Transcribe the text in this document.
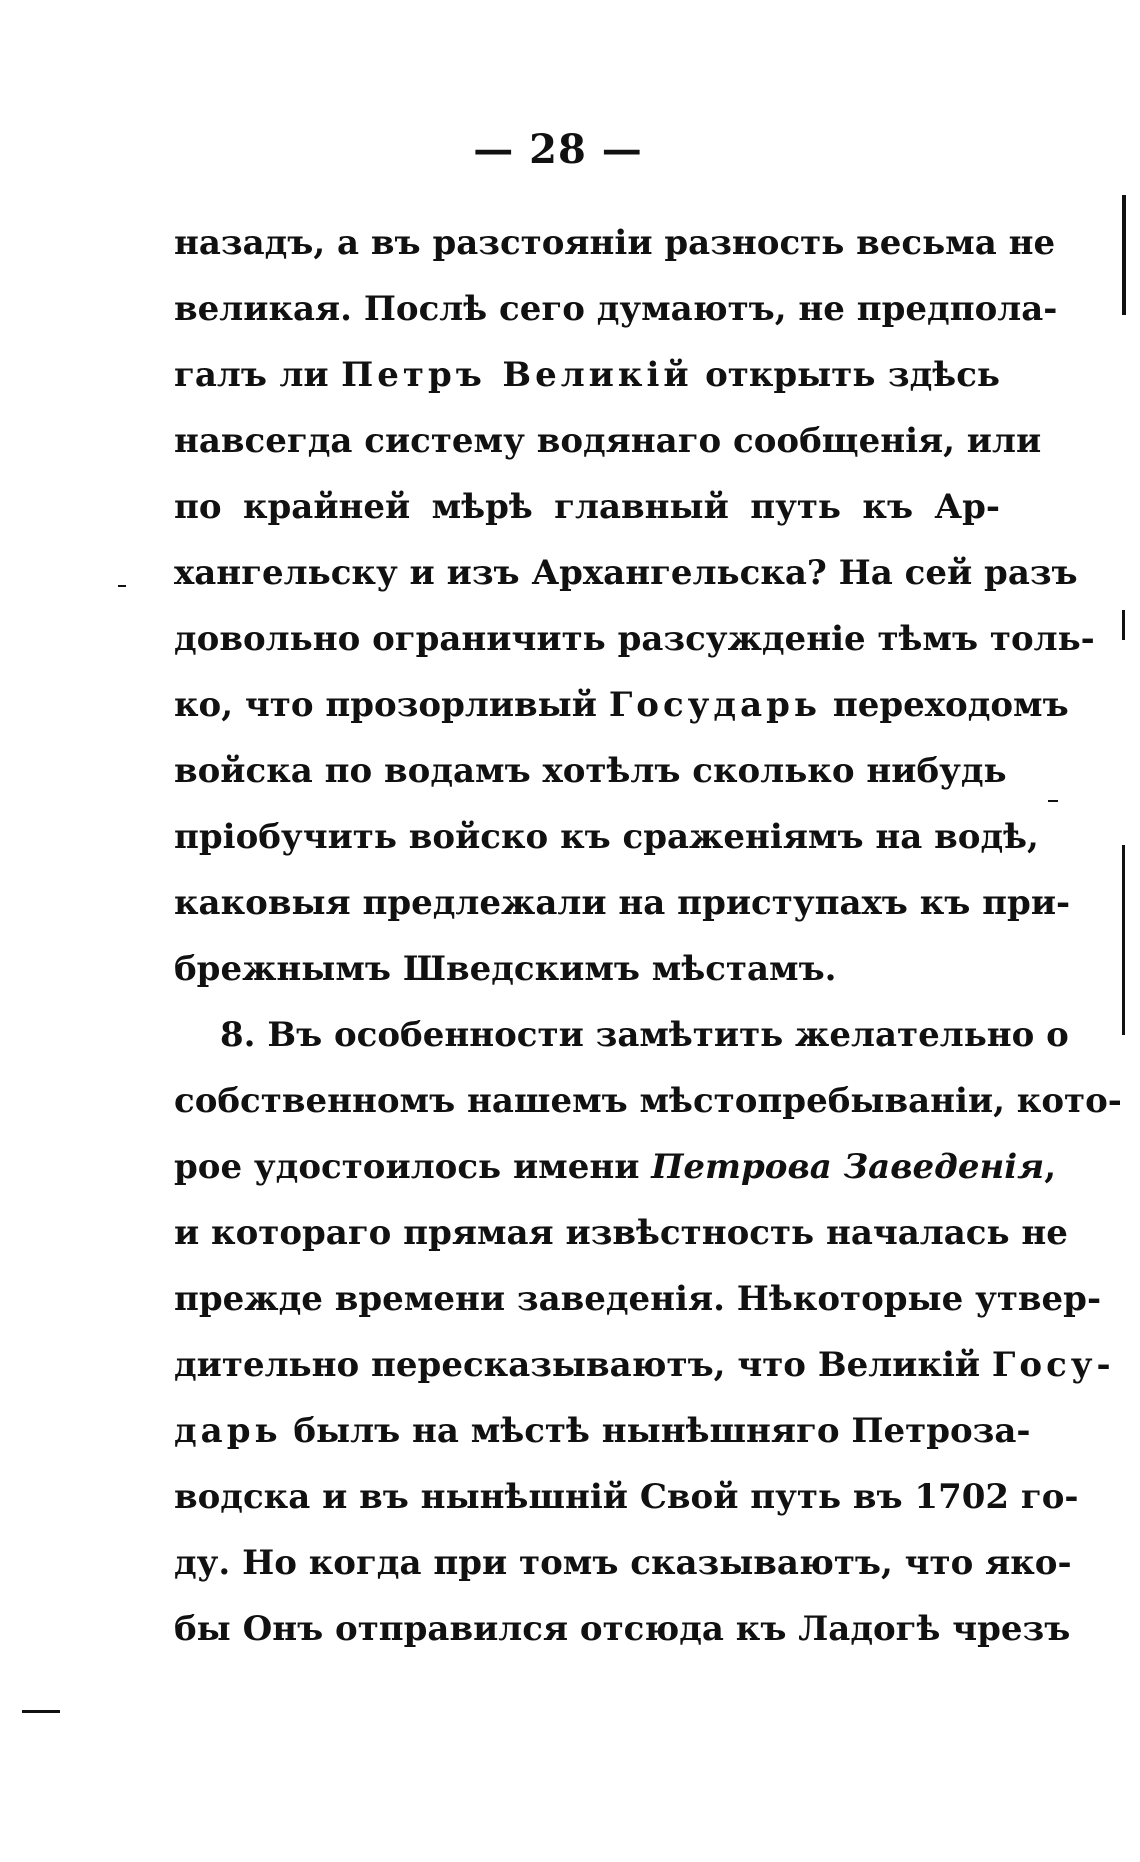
— 28 —
назадъ, а въ разстояніи разность весьма не
великая. Послѣ сего думаютъ, не предпола-
галъ ли Петръ Великій открыть здѣсь
навсегда систему водянаго сообщенія, или
по крайней мѣрѣ главный путь къ Ар-
хангельску и изъ Архангельска? На сей разъ
довольно ограничить разсужденіе тѣмъ толь-
ко, что прозорливый Государь переходомъ
войска по водамъ хотѣлъ сколько нибудь
пріобучить войско къ сраженіямъ на водѣ,
каковыя предлежали на приступахъ къ при-
брежнымъ Шведскимъ мѣстамъ.
8. Въ особенности замѣтить желательно о
собственномъ нашемъ мѣстопребываніи, кото-
рое удостоилось имени Петрова Заведенія,
и котораго прямая извѣстность началась не
прежде времени заведенія. Нѣкоторые утвер-
дительно пересказываютъ, что Великій Госу-
дарь былъ на мѣстѣ нынѣшняго Петроза-
водска и въ нынѣшній Свой путь въ 1702 го-
ду. Но когда при томъ сказываютъ, что яко-
бы Онъ отправился отсюда къ Ладогѣ чрезъ
